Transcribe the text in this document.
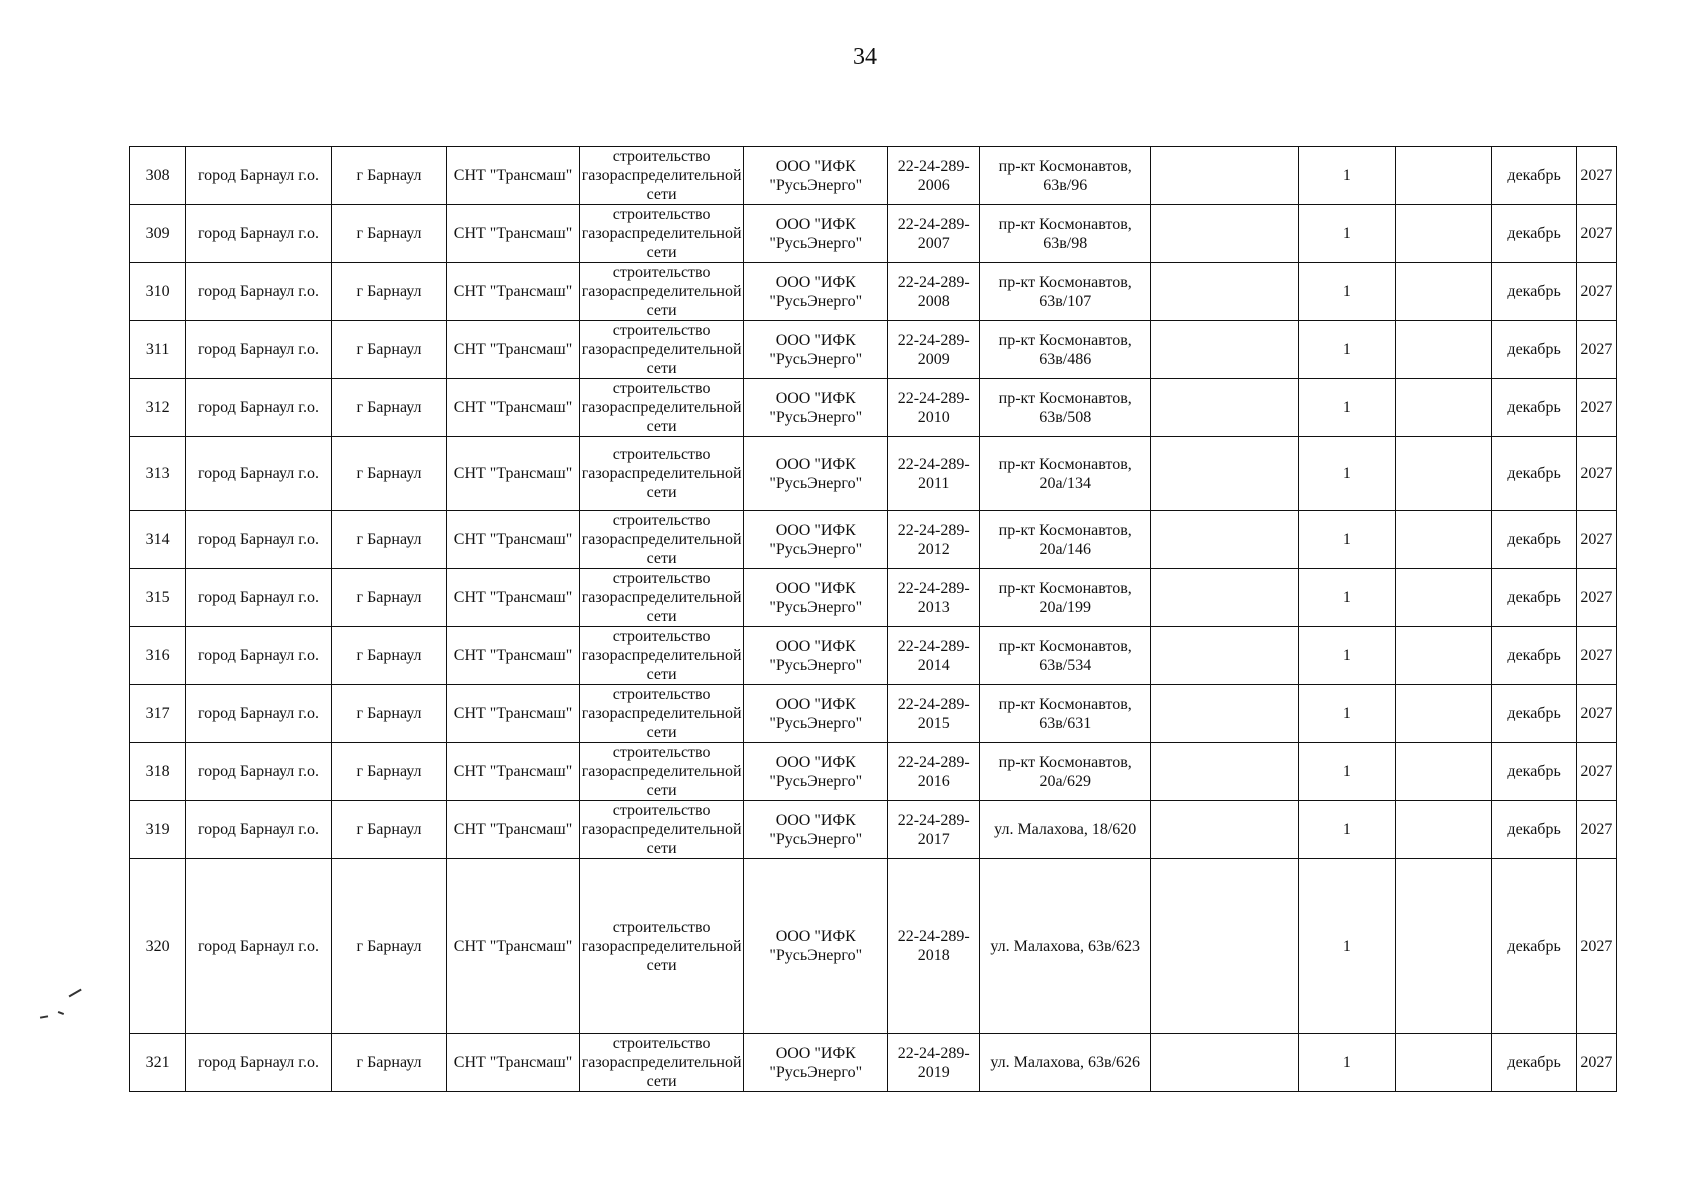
34
308	город Барнаул г.о.	г Барнаул	СНТ "Трансмаш"	строительство газораспределительной сети	ООО "ИФК "РусьЭнерго"	22-24-289-2006	пр-кт Космонавтов, 63в/96		1		декабрь	2027
309	город Барнаул г.о.	г Барнаул	СНТ "Трансмаш"	строительство газораспределительной сети	ООО "ИФК "РусьЭнерго"	22-24-289-2007	пр-кт Космонавтов, 63в/98		1		декабрь	2027
310	город Барнаул г.о.	г Барнаул	СНТ "Трансмаш"	строительство газораспределительной сети	ООО "ИФК "РусьЭнерго"	22-24-289-2008	пр-кт Космонавтов, 63в/107		1		декабрь	2027
311	город Барнаул г.о.	г Барнаул	СНТ "Трансмаш"	строительство газораспределительной сети	ООО "ИФК "РусьЭнерго"	22-24-289-2009	пр-кт Космонавтов, 63в/486		1		декабрь	2027
312	город Барнаул г.о.	г Барнаул	СНТ "Трансмаш"	строительство газораспределительной сети	ООО "ИФК "РусьЭнерго"	22-24-289-2010	пр-кт Космонавтов, 63в/508		1		декабрь	2027
313	город Барнаул г.о.	г Барнаул	СНТ "Трансмаш"	строительство газораспределительной сети	ООО "ИФК "РусьЭнерго"	22-24-289-2011	пр-кт Космонавтов, 20а/134		1		декабрь	2027
314	город Барнаул г.о.	г Барнаул	СНТ "Трансмаш"	строительство газораспределительной сети	ООО "ИФК "РусьЭнерго"	22-24-289-2012	пр-кт Космонавтов, 20а/146		1		декабрь	2027
315	город Барнаул г.о.	г Барнаул	СНТ "Трансмаш"	строительство газораспределительной сети	ООО "ИФК "РусьЭнерго"	22-24-289-2013	пр-кт Космонавтов, 20а/199		1		декабрь	2027
316	город Барнаул г.о.	г Барнаул	СНТ "Трансмаш"	строительство газораспределительной сети	ООО "ИФК "РусьЭнерго"	22-24-289-2014	пр-кт Космонавтов, 63в/534		1		декабрь	2027
317	город Барнаул г.о.	г Барнаул	СНТ "Трансмаш"	строительство газораспределительной сети	ООО "ИФК "РусьЭнерго"	22-24-289-2015	пр-кт Космонавтов, 63в/631		1		декабрь	2027
318	город Барнаул г.о.	г Барнаул	СНТ "Трансмаш"	строительство газораспределительной сети	ООО "ИФК "РусьЭнерго"	22-24-289-2016	пр-кт Космонавтов, 20а/629		1		декабрь	2027
319	город Барнаул г.о.	г Барнаул	СНТ "Трансмаш"	строительство газораспределительной сети	ООО "ИФК "РусьЭнерго"	22-24-289-2017	ул. Малахова, 18/620		1		декабрь	2027
320	город Барнаул г.о.	г Барнаул	СНТ "Трансмаш"	строительство газораспределительной сети	ООО "ИФК "РусьЭнерго"	22-24-289-2018	ул. Малахова, 63в/623		1		декабрь	2027
321	город Барнаул г.о.	г Барнаул	СНТ "Трансмаш"	строительство газораспределительной сети	ООО "ИФК "РусьЭнерго"	22-24-289-2019	ул. Малахова, 63в/626		1		декабрь	2027
